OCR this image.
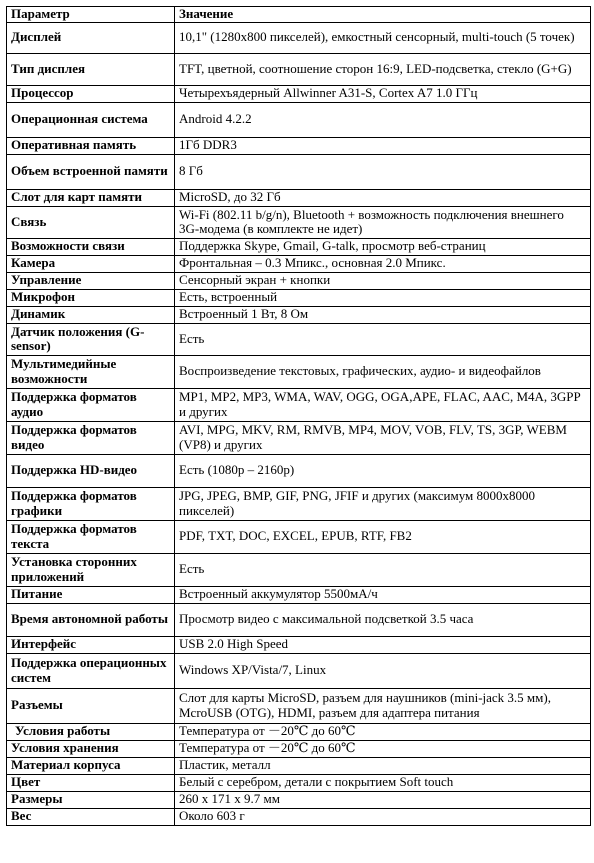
Параметр	Значение
Дисплей	10,1" (1280x800 пикселей), емкостный сенсорный, multi-touch (5 точек)
Тип дисплея	TFT, цветной, соотношение сторон 16:9, LED-подсветка, стекло (G+G)
Процессор	Четырехъядерный Allwinner A31-S, Cortex A7 1.0 ГГц
Операционная система	Android 4.2.2
Оперативная память	1Гб DDR3
Объем встроенной памяти	8 Гб
Слот для карт памяти	MicroSD, до 32 Гб
Связь	Wi-Fi (802.11 b/g/n), Bluetooth + возможность подключения внешнего 3G-модема (в комплекте не идет)
Возможности связи	Поддержка Skype, Gmail, G-talk, просмотр веб-страниц
Камера	Фронтальная – 0.3 Мпикс., основная 2.0 Мпикс.
Управление	Сенсорный экран + кнопки
Микрофон	Есть, встроенный
Динамик	Встроенный 1 Вт, 8 Ом
Датчик положения (G-sensor)	Есть
Мультимедийные возможности	Воспроизведение текстовых, графических, аудио- и видеофайлов
Поддержка форматов аудио	MP1, MP2, MP3, WMA, WAV, OGG, OGA,APE, FLAC, AAC, M4A, 3GPP и других
Поддержка форматов видео	AVI, MPG, MKV, RM, RMVB, MP4, MOV, VOB, FLV, TS, 3GP, WEBM (VP8) и других
Поддержка HD-видео	Есть (1080p – 2160p)
Поддержка форматов графики	JPG, JPEG, BMP, GIF, PNG, JFIF и других (максимум 8000x8000 пикселей)
Поддержка форматов текста	PDF, TXT, DOC, EXCEL, EPUB, RTF, FB2
Установка сторонних приложений	Есть
Питание	Встроенный аккумулятор 5500мА/ч
Время автономной работы	Просмотр видео с максимальной подсветкой 3.5 часа
Интерфейс	USB 2.0 High Speed
Поддержка операционных систем	Windows XP/Vista/7, Linux
Разъемы	Слот для карты MicroSD, разъем для наушников (mini-jack 3.5 мм), McroUSB (OTG), HDMI, разъем для адаптера питания
Условия работы	Температура от －20℃ до 60℃
Условия хранения	Температура от －20℃ до 60℃
Материал корпуса	Пластик, металл
Цвет	Белый с серебром, детали с покрытием Soft touch
Размеры	260 x 171 x 9.7 мм
Вес	Около 603 г
